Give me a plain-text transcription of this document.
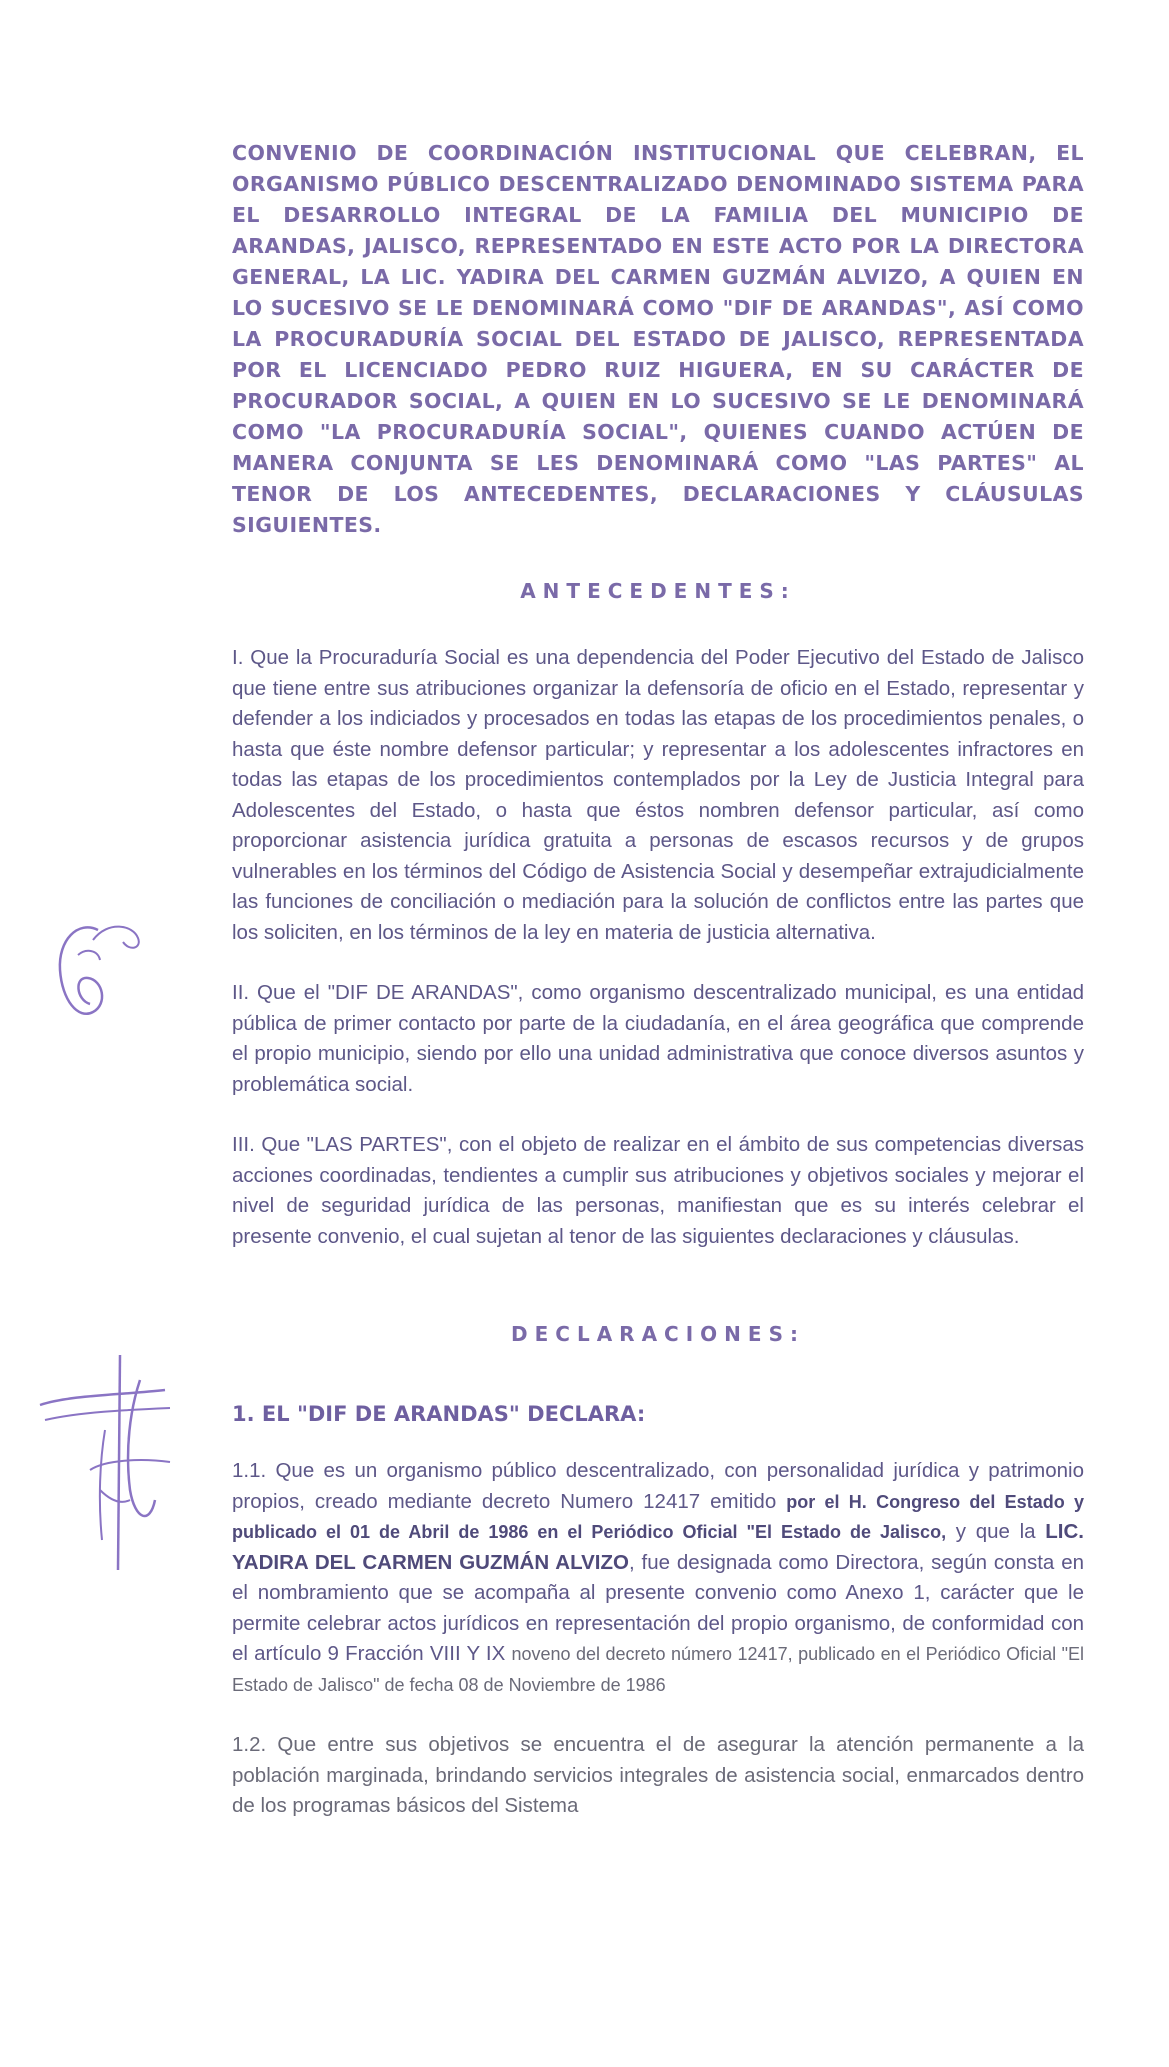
CONVENIO DE COORDINACIÓN INSTITUCIONAL QUE CELEBRAN, EL ORGANISMO PÚBLICO DESCENTRALIZADO DENOMINADO SISTEMA PARA EL DESARROLLO INTEGRAL DE LA FAMILIA DEL MUNICIPIO DE ARANDAS, JALISCO, REPRESENTADO EN ESTE ACTO POR LA DIRECTORA GENERAL, LA LIC. YADIRA DEL CARMEN GUZMÁN ALVIZO, A QUIEN EN LO SUCESIVO SE LE DENOMINARÁ COMO "DIF DE ARANDAS", ASÍ COMO LA PROCURADURÍA SOCIAL DEL ESTADO DE JALISCO, REPRESENTADA POR EL LICENCIADO PEDRO RUIZ HIGUERA, EN SU CARÁCTER DE PROCURADOR SOCIAL, A QUIEN EN LO SUCESIVO SE LE DENOMINARÁ COMO "LA PROCURADURÍA SOCIAL", QUIENES CUANDO ACTÚEN DE MANERA CONJUNTA SE LES DENOMINARÁ COMO "LAS PARTES" AL TENOR DE LOS ANTECEDENTES, DECLARACIONES Y CLÁUSULAS SIGUIENTES.

ANTECEDENTES:

I. Que la Procuraduría Social es una dependencia del Poder Ejecutivo del Estado de Jalisco que tiene entre sus atribuciones organizar la defensoría de oficio en el Estado, representar y defender a los indiciados y procesados en todas las etapas de los procedimientos penales, o hasta que éste nombre defensor particular; y representar a los adolescentes infractores en todas las etapas de los procedimientos contemplados por la Ley de Justicia Integral para Adolescentes del Estado, o hasta que éstos nombren defensor particular, así como proporcionar asistencia jurídica gratuita a personas de escasos recursos y de grupos vulnerables en los términos del Código de Asistencia Social y desempeñar extrajudicialmente las funciones de conciliación o mediación para la solución de conflictos entre las partes que los soliciten, en los términos de la ley en materia de justicia alternativa.

II. Que el "DIF DE ARANDAS", como organismo descentralizado municipal, es una entidad pública de primer contacto por parte de la ciudadanía, en el área geográfica que comprende el propio municipio, siendo por ello una unidad administrativa que conoce diversos asuntos y problemática social.

III. Que "LAS PARTES", con el objeto de realizar en el ámbito de sus competencias diversas acciones coordinadas, tendientes a cumplir sus atribuciones y objetivos sociales y mejorar el nivel de seguridad jurídica de las personas, manifiestan que es su interés celebrar el presente convenio, el cual sujetan al tenor de las siguientes declaraciones y cláusulas.

DECLARACIONES:

1. EL "DIF DE ARANDAS" DECLARA:

1.1. Que es un organismo público descentralizado, con personalidad jurídica y patrimonio propios, creado mediante decreto Numero 12417 emitido por el H. Congreso del Estado y publicado el 01 de Abril de 1986 en el Periódico Oficial "El Estado de Jalisco, y que la LIC. YADIRA DEL CARMEN GUZMÁN ALVIZO, fue designada como Directora, según consta en el nombramiento que se acompaña al presente convenio como Anexo 1, carácter que le permite celebrar actos jurídicos en representación del propio organismo, de conformidad con el artículo 9 Fracción VIII Y IX noveno del decreto número 12417, publicado en el Periódico Oficial "El Estado de Jalisco" de fecha 08 de Noviembre de 1986

1.2. Que entre sus objetivos se encuentra el de asegurar la atención permanente a la población marginada, brindando servicios integrales de asistencia social, enmarcados dentro de los programas básicos del Sistema
